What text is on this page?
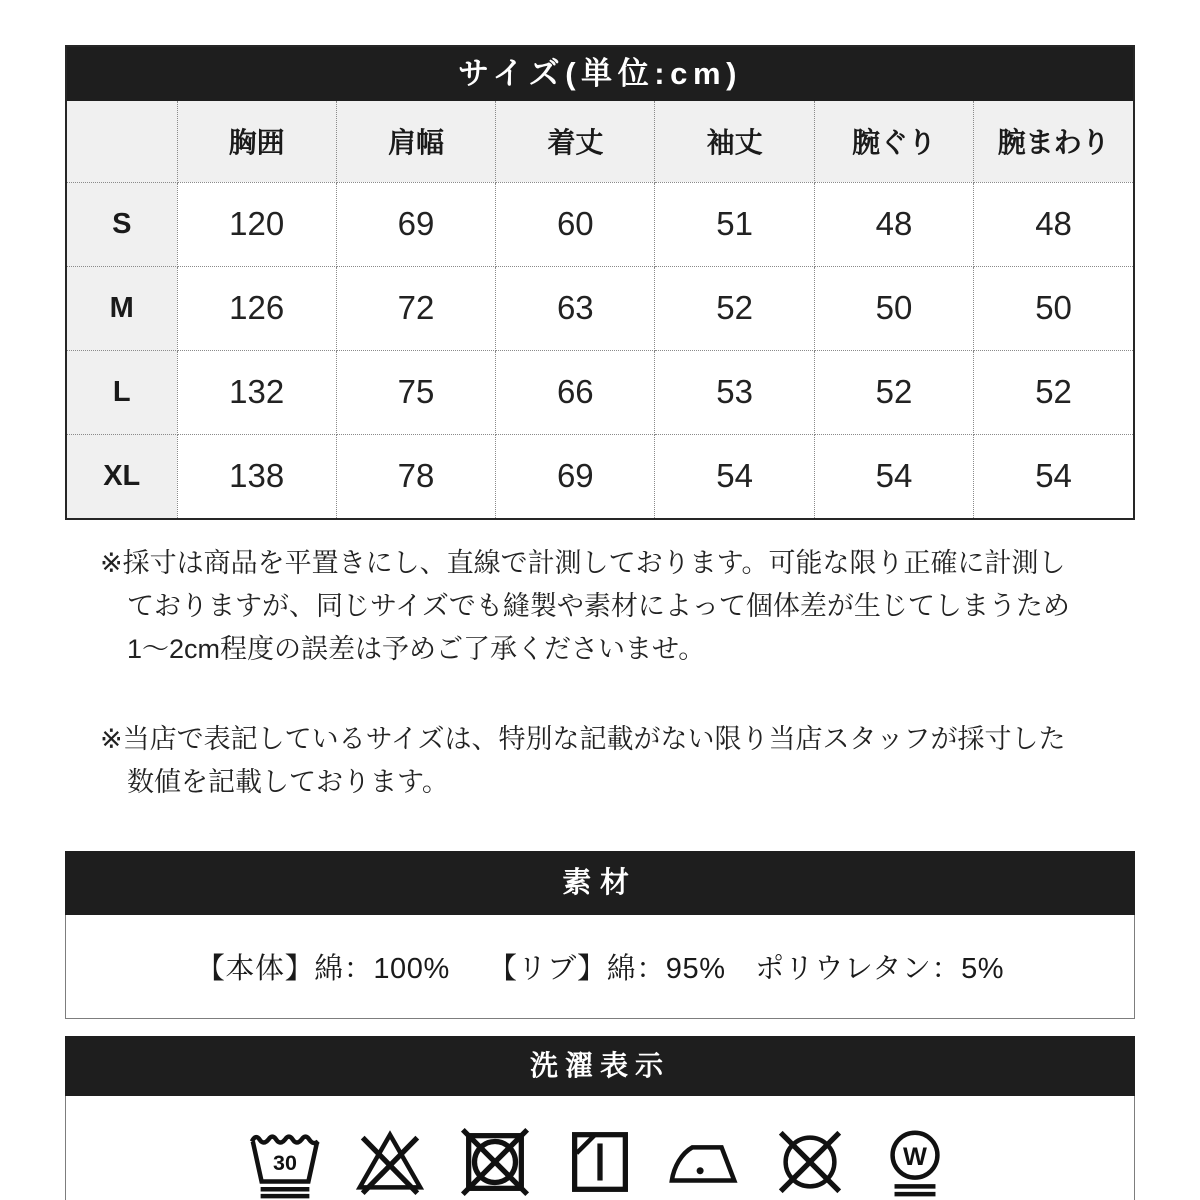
サイズ(単位:cm)
	胸囲	肩幅	着丈	袖丈	腕ぐり	腕まわり
S	120	69	60	51	48	48
M	126	72	63	52	50	50
L	132	75	66	53	52	52
XL	138	78	69	54	54	54
※採寸は商品を平置きにし、直線で計測しております。可能な限り正確に計測し
ておりますが、同じサイズでも縫製や素材によって個体差が生じてしまうため
1〜2cm程度の誤差は予めご了承くださいませ。
※当店で表記しているサイズは、特別な記載がない限り当店スタッフが採寸した
数値を記載しております。
素材
【本体】綿：100%　 【リブ】綿：95%　ポリウレタン：5%
洗濯表示
30	W
